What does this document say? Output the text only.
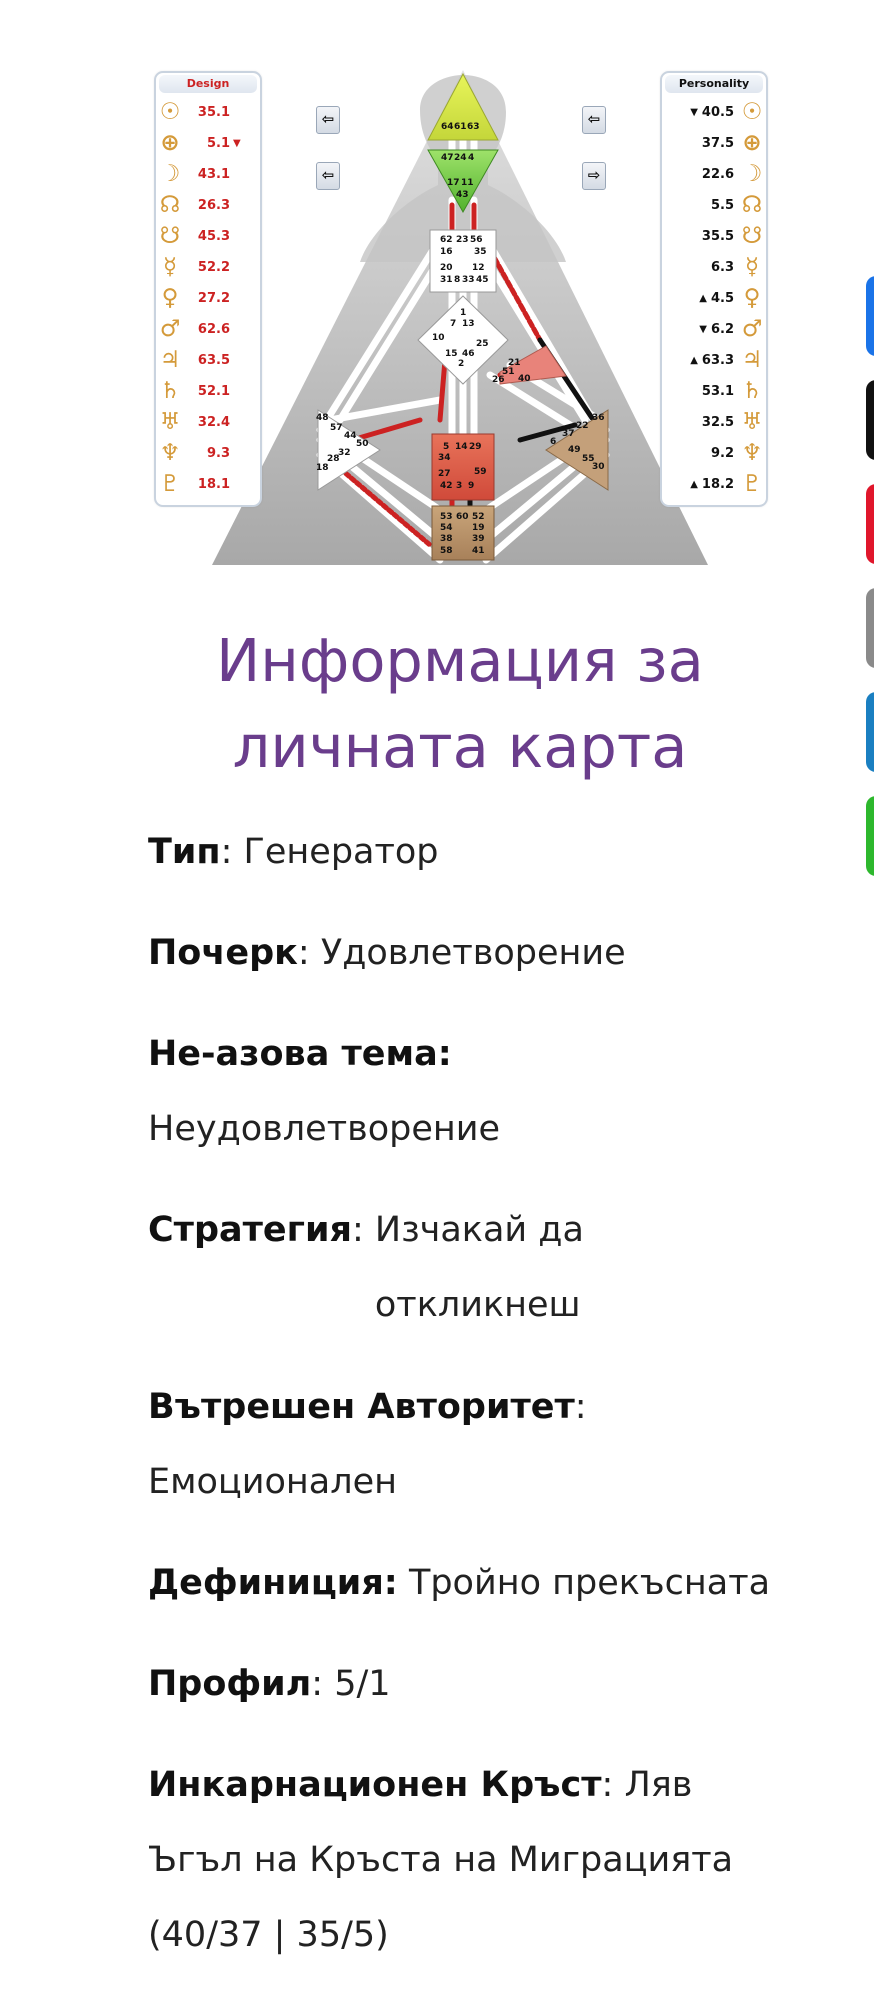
64 61 63
47 24 4
17 11
43
62 23 56
16 35
20 12
31 8 33 45
1
7 13
10
25
15 46
2	21
51
26 40
48
57
44
50
28
32
18
36
22
37
6
49
55
30
5 14 29
34
59
27
42 3 9
53 60 52
54 19
38 39
58 41
Design
☉	35.1
⊕	5.1 ▼
☽	43.1
☊	26.3
☋	45.3
☿	52.2
♀	27.2
♂	62.6
♃	63.5
♄	52.1
♅	32.4
♆	9.3
♇	18.1
Personality
▼ 40.5 ☉
37.5 ⊕
22.6 ☽
5.5 ☊
35.5 ☋
6.3 ☿
▲ 4.5 ♀
▼ 6.2 ♂
▲ 63.3 ♃
53.1 ♄
32.5 ♅
9.2 ♆
▲ 18.2 ♇
⇦	⇦
⇦	⇨
Информация за личната карта

Тип: Генератор

Почерк: Удовлетворение

Не-азова тема:
Неудовлетворение

Стратегия: Изчакай да откликнеш

Вътрешен Авторитет:
Емоционален

Дефиниция: Тройно прекъсната

Профил: 5/1

Инкарнационен Кръст: Ляв Ъгъл на Кръста на Миграцията (40/37 | 35/5)
